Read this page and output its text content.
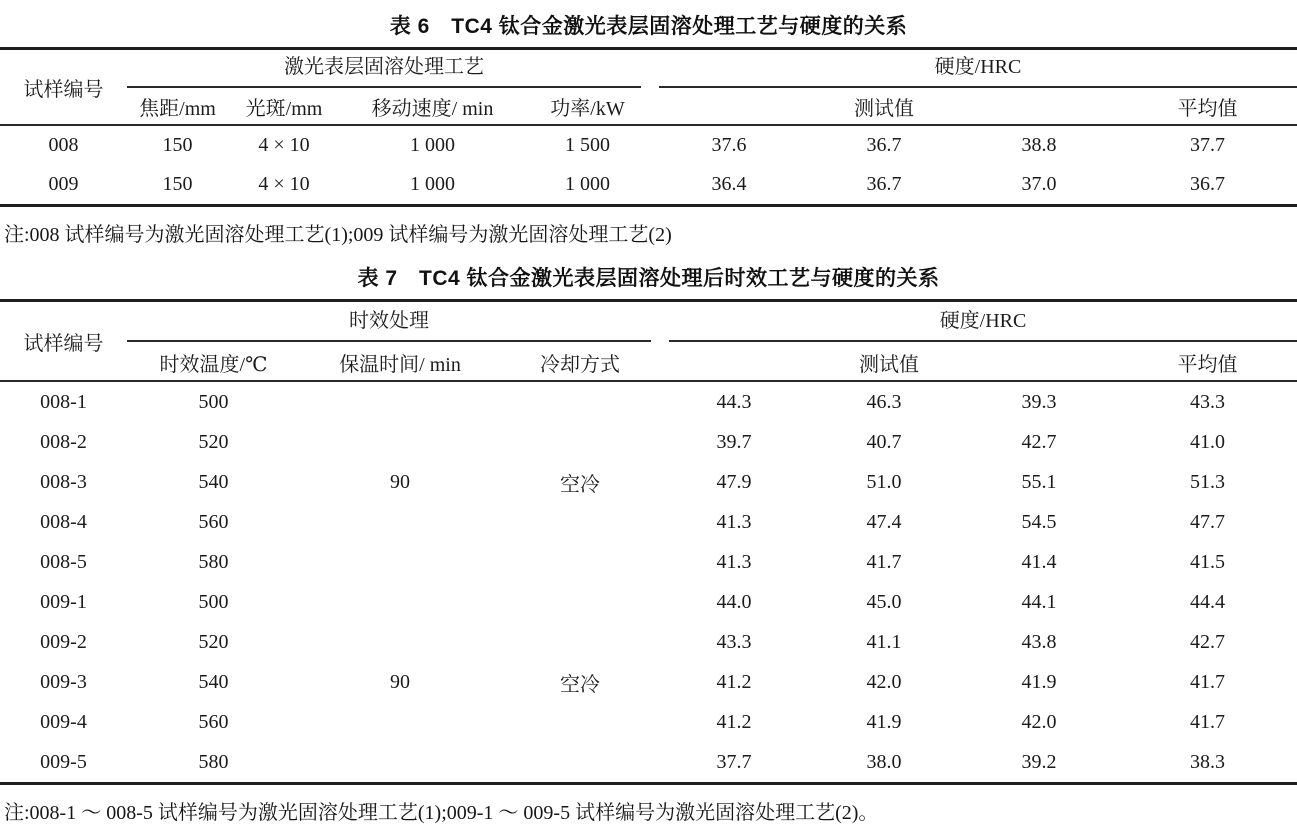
表 6　TC4 钛合金激光表层固溶处理工艺与硬度的关系
试样编号	激光表层固溶处理工艺				硬度/HRC			

	焦距/mm	光斑/mm	移动速度/ min	功率/kW	测试值			平均值
008	150	4 × 10	1 000	1 500	37.6	36.7	38.8	37.7
009	150	4 × 10	1 000	1 000	36.4	36.7	37.0	36.7

注:008 试样编号为激光固溶处理工艺(1);009 试样编号为激光固溶处理工艺(2)

表 7　TC4 钛合金激光表层固溶处理后时效工艺与硬度的关系
试样编号	时效处理			硬度/HRC			

	时效温度/℃	保温时间/ min	冷却方式	测试值			平均值
008-1	500			44.3	46.3	39.3	43.3
008-2	520			39.7	40.7	42.7	41.0
008-3	540	90	空冷	47.9	51.0	55.1	51.3
008-4	560			41.3	47.4	54.5	47.7
008-5	580			41.3	41.7	41.4	41.5
009-1	500			44.0	45.0	44.1	44.4
009-2	520			43.3	41.1	43.8	42.7
009-3	540	90	空冷	41.2	42.0	41.9	41.7
009-4	560			41.2	41.9	42.0	41.7
009-5	580			37.7	38.0	39.2	38.3

注:008-1 ～ 008-5 试样编号为激光固溶处理工艺(1);009-1 ～ 009-5 试样编号为激光固溶处理工艺(2)。
